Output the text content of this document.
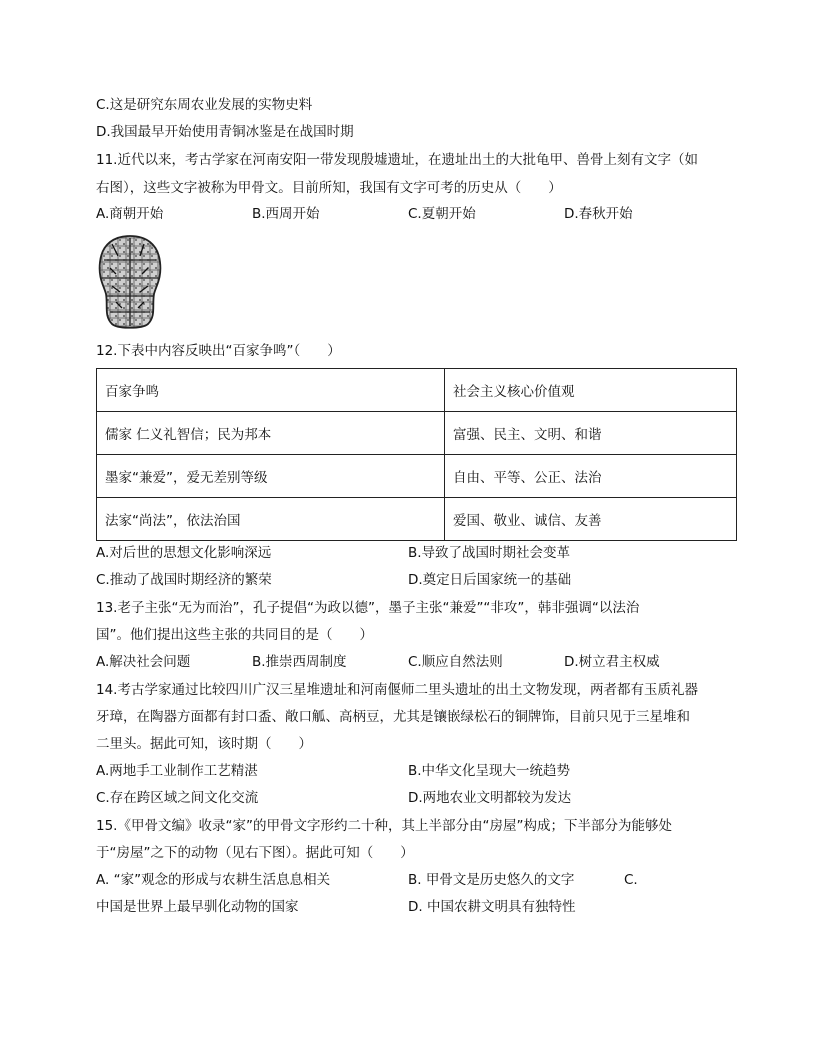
C.这是研究东周农业发展的实物史料
D.我国最早开始使用青铜冰鉴是在战国时期
11.近代以来，考古学家在河南安阳一带发现殷墟遗址，在遗址出土的大批龟甲、兽骨上刻有文字（如
右图），这些文字被称为甲骨文。目前所知，我国有文字可考的历史从（　　）
A.商朝开始	B.西周开始	C.夏朝开始	D.春秋开始
12.下表中内容反映出“百家争鸣”（　　）
百家争鸣	社会主义核心价值观
儒家 仁义礼智信；民为邦本	富强、民主、文明、和谐
墨家“兼爱”，爱无差别等级	自由、平等、公正、法治
法家“尚法”，依法治国	爱国、敬业、诚信、友善
A.对后世的思想文化影响深远	B.导致了战国时期社会变革
C.推动了战国时期经济的繁荣	D.奠定日后国家统一的基础
13.老子主张“无为而治”，孔子提倡“为政以德”，墨子主张“兼爱”“非攻”，韩非强调“以法治
国”。他们提出这些主张的共同目的是（　　）
A.解决社会问题	B.推崇西周制度	C.顺应自然法则	D.树立君主权威
14.考古学家通过比较四川广汉三星堆遗址和河南偃师二里头遗址的出土文物发现，两者都有玉质礼器
牙璋，在陶器方面都有封口盉、敞口觚、高柄豆，尤其是镶嵌绿松石的铜牌饰，目前只见于三星堆和
二里头。据此可知，该时期（　　）
A.两地手工业制作工艺精湛	B.中华文化呈现大一统趋势
C.存在跨区域之间文化交流	D.两地农业文明都较为发达
15.《甲骨文编》收录“家”的甲骨文字形约二十种，其上半部分由“房屋”构成；下半部分为能够处
于“房屋”之下的动物（见右下图）。据此可知（　　）
A. “家”观念的形成与农耕生活息息相关	B. 甲骨文是历史悠久的文字	C.
中国是世界上最早驯化动物的国家	D. 中国农耕文明具有独特性
